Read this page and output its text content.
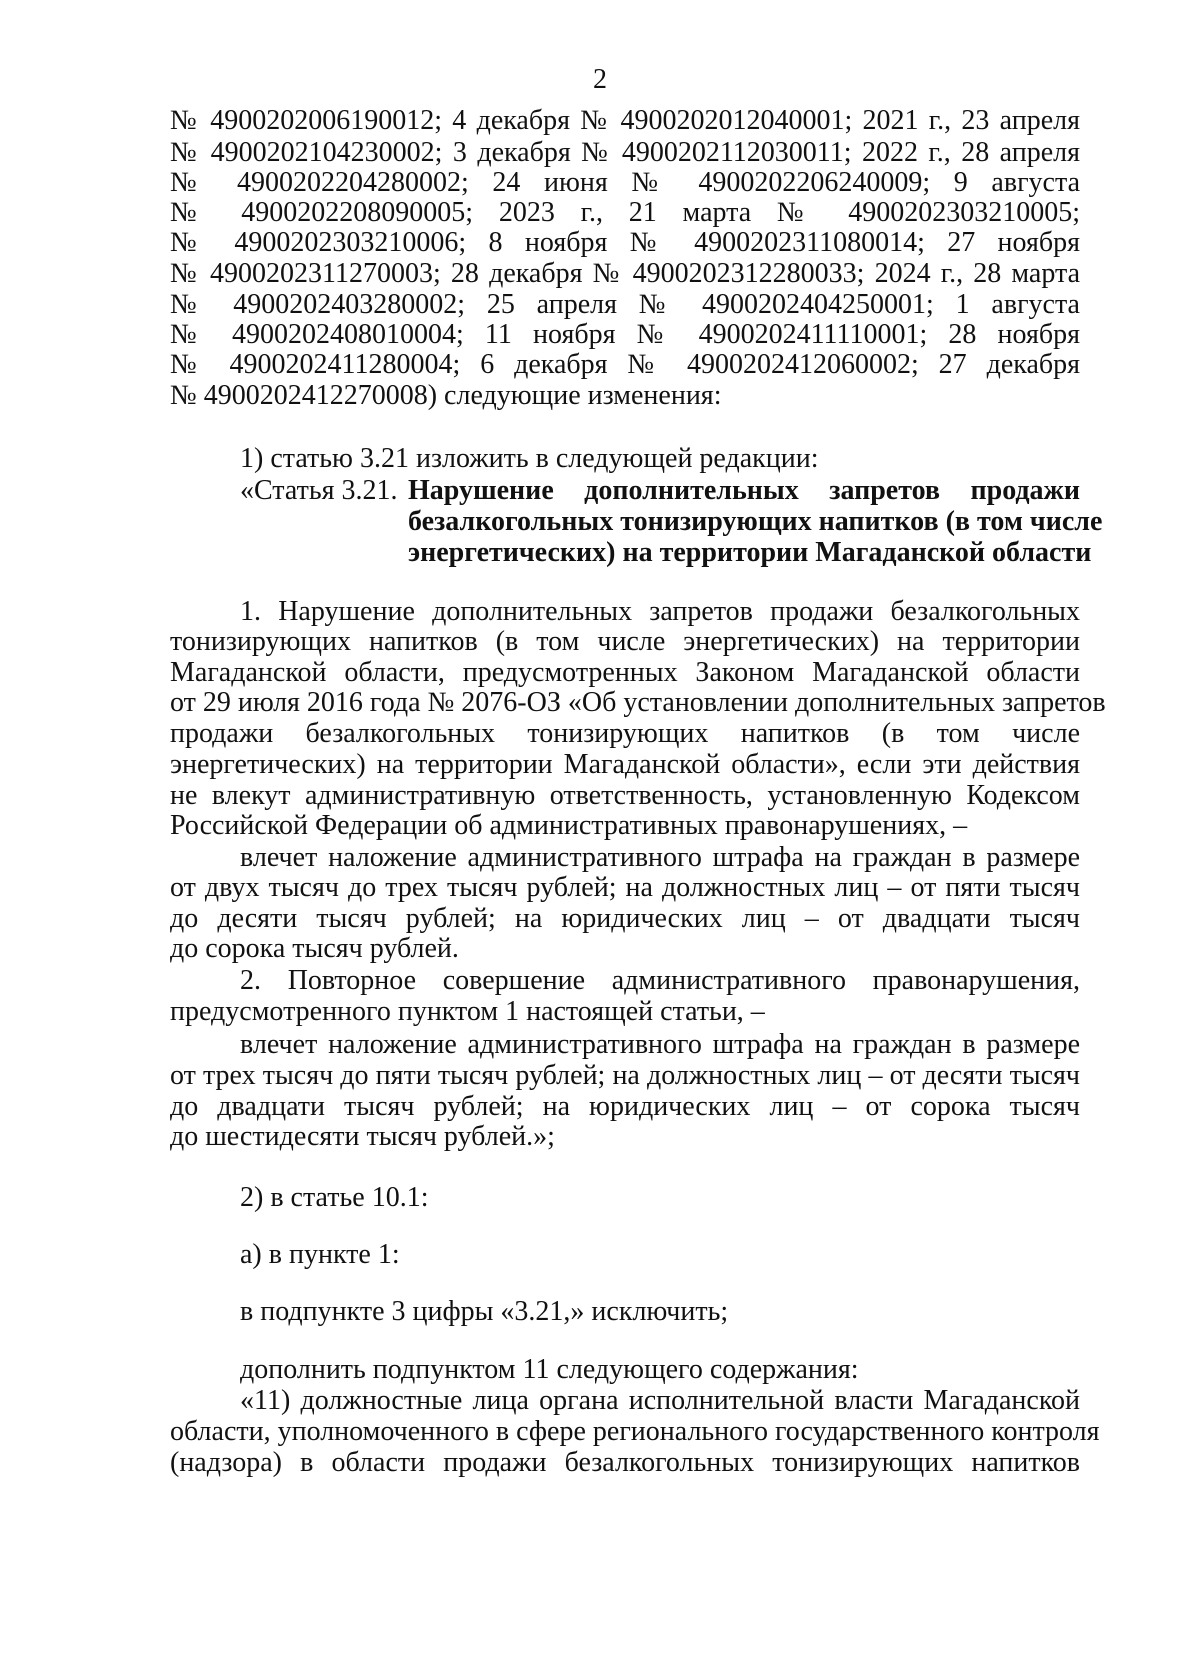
2
№ 4900202006190012; 4 декабря № 4900202012040001; 2021 г., 23 апреля
№ 4900202104230002; 3 декабря № 4900202112030011; 2022 г., 28 апреля
№ 4900202204280002; 24 июня № 4900202206240009; 9 августа
№ 4900202208090005; 2023 г., 21 марта № 4900202303210005;
№ 4900202303210006; 8 ноября № 4900202311080014; 27 ноября
№ 4900202311270003; 28 декабря № 4900202312280033; 2024 г., 28 марта
№ 4900202403280002; 25 апреля № 4900202404250001; 1 августа
№ 4900202408010004; 11 ноября № 4900202411110001; 28 ноября
№ 4900202411280004; 6 декабря № 4900202412060002; 27 декабря
№ 4900202412270008) следующие изменения:
1) статью 3.21 изложить в следующей редакции:
«Статья 3.21. Нарушение дополнительных запретов продажи
безалкогольных тонизирующих напитков (в том числе
энергетических) на территории Магаданской области
1. Нарушение дополнительных запретов продажи безалкогольных
тонизирующих напитков (в том числе энергетических) на территории
Магаданской области, предусмотренных Законом Магаданской области
от 29 июля 2016 года № 2076-ОЗ «Об установлении дополнительных запретов
продажи безалкогольных тонизирующих напитков (в том числе
энергетических) на территории Магаданской области», если эти действия
не влекут административную ответственность, установленную Кодексом
Российской Федерации об административных правонарушениях, –
влечет наложение административного штрафа на граждан в размере
от двух тысяч до трех тысяч рублей; на должностных лиц – от пяти тысяч
до десяти тысяч рублей; на юридических лиц – от двадцати тысяч
до сорока тысяч рублей.
2. Повторное совершение административного правонарушения,
предусмотренного пунктом 1 настоящей статьи, –
влечет наложение административного штрафа на граждан в размере
от трех тысяч до пяти тысяч рублей; на должностных лиц – от десяти тысяч
до двадцати тысяч рублей; на юридических лиц – от сорока тысяч
до шестидесяти тысяч рублей.»;
2) в статье 10.1:
а) в пункте 1:
в подпункте 3 цифры «3.21,» исключить;
дополнить подпунктом 11 следующего содержания:
«11) должностные лица органа исполнительной власти Магаданской
области, уполномоченного в сфере регионального государственного контроля
(надзора) в области продажи безалкогольных тонизирующих напитков
